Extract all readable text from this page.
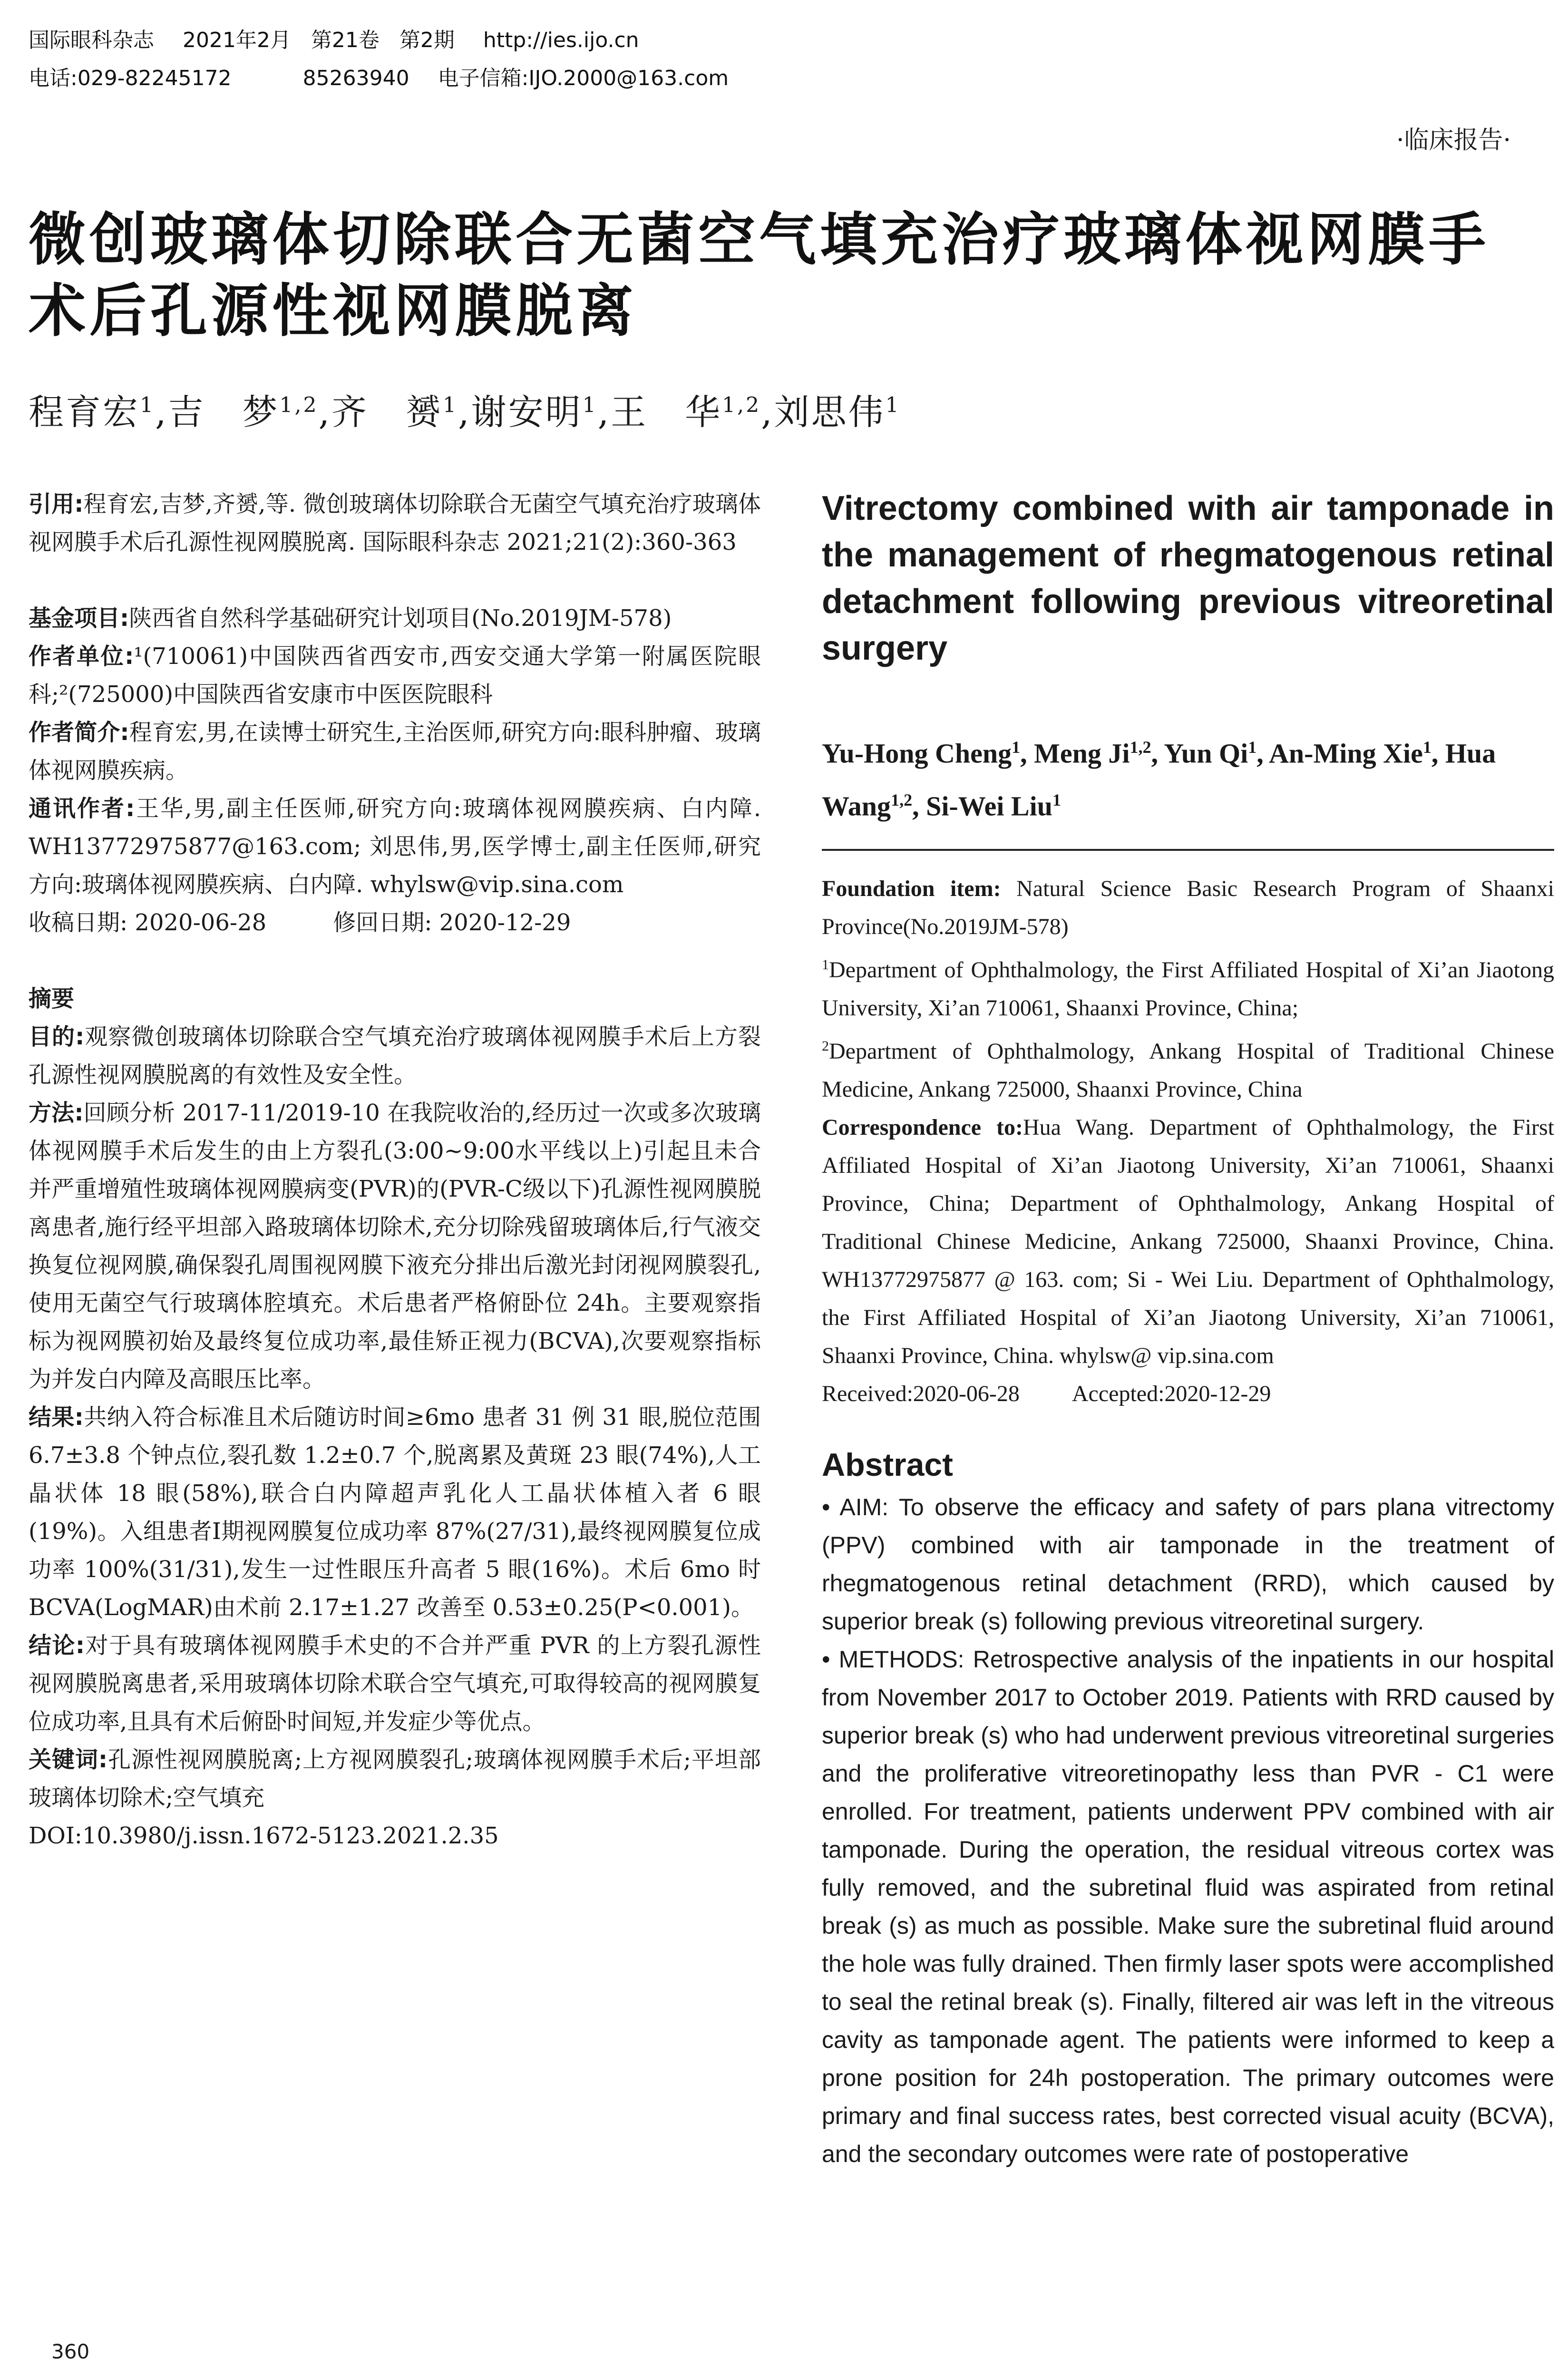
国际眼科杂志 2021年2月   第21卷   第2期 http://ies.ijo.cn
电话:029-82245172	85263940 电子信箱:IJO.2000@163.com
·临床报告·
微创玻璃体切除联合无菌空气填充治疗玻璃体视网膜手术后孔源性视网膜脱离
程育宏$^1$,吉　梦$^{1,2}$,齐　赟$^1$,谢安明$^1$,王　华$^{1,2}$,刘思伟$^1$

引用:程育宏,吉梦,齐赟,等. 微创玻璃体切除联合无菌空气填充治疗玻璃体视网膜手术后孔源性视网膜脱离. 国际眼科杂志 2021;21(2):360-363

基金项目:陕西省自然科学基础研究计划项目(No.2019JM-578)

作者单位:¹(710061)中国陕西省西安市,西安交通大学第一附属医院眼科;²(725000)中国陕西省安康市中医医院眼科

作者简介:程育宏,男,在读博士研究生,主治医师,研究方向:眼科肿瘤、玻璃体视网膜疾病。

通讯作者:王华,男,副主任医师,研究方向:玻璃体视网膜疾病、白内障. WH13772975877@163.com; 刘思伟,男,医学博士,副主任医师,研究方向:玻璃体视网膜疾病、白内障. whylsw@vip.sina.com

收稿日期: 2020-06-28	修回日期: 2020-12-29

摘要

目的:观察微创玻璃体切除联合空气填充治疗玻璃体视网膜手术后上方裂孔源性视网膜脱离的有效性及安全性。

方法:回顾分析 2017-11/2019-10 在我院收治的,经历过一次或多次玻璃体视网膜手术后发生的由上方裂孔(3:00~9:00水平线以上)引起且未合并严重增殖性玻璃体视网膜病变(PVR)的(PVR-C级以下)孔源性视网膜脱离患者,施行经平坦部入路玻璃体切除术,充分切除残留玻璃体后,行气液交换复位视网膜,确保裂孔周围视网膜下液充分排出后激光封闭视网膜裂孔,使用无菌空气行玻璃体腔填充。术后患者严格俯卧位 24h。主要观察指标为视网膜初始及最终复位成功率,最佳矫正视力(BCVA),次要观察指标为并发白内障及高眼压比率。

结果:共纳入符合标准且术后随访时间≥6mo 患者 31 例 31 眼,脱位范围 6.7±3.8 个钟点位,裂孔数 1.2±0.7 个,脱离累及黄斑 23 眼(74%),人工晶状体 18 眼(58%),联合白内障超声乳化人工晶状体植入者 6 眼(19%)。入组患者Ⅰ期视网膜复位成功率 87%(27/31),最终视网膜复位成功率 100%(31/31),发生一过性眼压升高者 5 眼(16%)。术后 6mo 时 BCVA(LogMAR)由术前 2.17±1.27 改善至 0.53±0.25(P<0.001)。

结论:对于具有玻璃体视网膜手术史的不合并严重 PVR 的上方裂孔源性视网膜脱离患者,采用玻璃体切除术联合空气填充,可取得较高的视网膜复位成功率,且具有术后俯卧时间短,并发症少等优点。

关键词:孔源性视网膜脱离;上方视网膜裂孔;玻璃体视网膜手术后;平坦部玻璃体切除术;空气填充

DOI:10.3980/j.issn.1672-5123.2021.2.35

Vitrectomy combined with air tamponade in the management of rhegmatogenous retinal detachment following previous vitreoretinal surgery

Yu-Hong Cheng$^1$, Meng Ji$^{1,2}$, Yun Qi$^1$, An-Ming Xie$^1$, Hua Wang$^{1,2}$, Si-Wei Liu$^1$

Foundation item: Natural Science Basic Research Program of Shaanxi Province(No.2019JM-578)

$^1$Department of Ophthalmology, the First Affiliated Hospital of Xi’an Jiaotong University, Xi’an 710061, Shaanxi Province, China;

$^2$Department of Ophthalmology, Ankang Hospital of Traditional Chinese Medicine, Ankang 725000, Shaanxi Province, China

Correspondence to:Hua Wang. Department of Ophthalmology, the First Affiliated Hospital of Xi’an Jiaotong University, Xi’an 710061, Shaanxi Province, China; Department of Ophthalmology, Ankang Hospital of Traditional Chinese Medicine, Ankang 725000, Shaanxi Province, China. WH13772975877 @ 163. com; Si - Wei Liu. Department of Ophthalmology, the First Affiliated Hospital of Xi’an Jiaotong University, Xi’an 710061, Shaanxi Province, China. whylsw@ vip.sina.com

Received:2020-06-28 Accepted:2020-12-29

Abstract

• AIM: To observe the efficacy and safety of pars plana vitrectomy (PPV) combined with air tamponade in the treatment of rhegmatogenous retinal detachment (RRD), which caused by superior break (s) following previous vitreoretinal surgery.

• METHODS: Retrospective analysis of the inpatients in our hospital from November 2017 to October 2019. Patients with RRD caused by superior break (s) who had underwent previous vitreoretinal surgeries and the proliferative vitreoretinopathy less than PVR - C1 were enrolled. For treatment, patients underwent PPV combined with air tamponade. During the operation, the residual vitreous cortex was fully removed, and the subretinal fluid was aspirated from retinal break (s) as much as possible. Make sure the subretinal fluid around the hole was fully drained. Then firmly laser spots were accomplished to seal the retinal break (s). Finally, filtered air was left in the vitreous cavity as tamponade agent. The patients were informed to keep a prone position for 24h postoperation. The primary outcomes were primary and final success rates, best corrected visual acuity (BCVA), and the secondary outcomes were rate of postoperative

360
